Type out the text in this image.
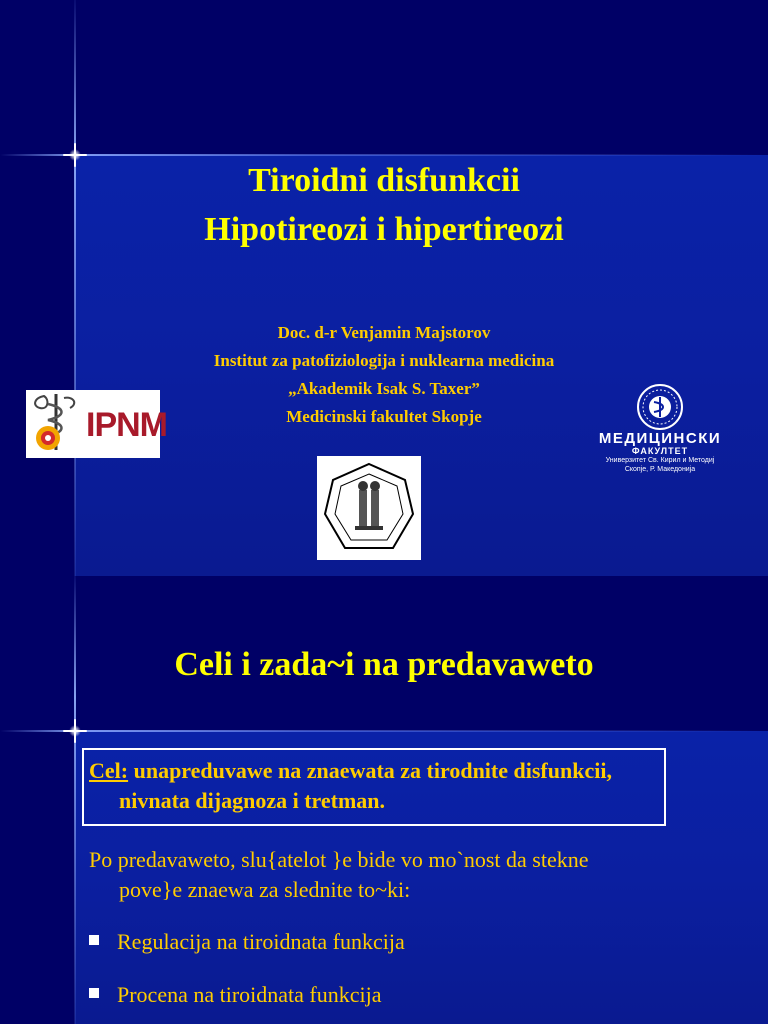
Tiroidni disfunkcii
Hipotireozi i hipertireozi
Doc. d-r Venjamin Majstorov
Institut za patofiziologija i nuklearna medicina
„Akademik Isak S. Taxer”
Medicinski fakultet Skopje
IPNM	МЕДИЦИНСКИ
ФАКУЛТЕТ
Универзитет Св. Кирил и Методиј
Скопје, Р. Македонија
Celi i zada~i na predavaweto
Cel: unapreduvawe na znaewata za tirodnite disfunkcii,
nivnata dijagnoza i tretman.
Po predavaweto, slu{atelot }e bide vo mo`nost da stekne
pove}e znaewa za slednite to~ki:
Regulacija na tiroidnata funkcija
Procena na tiroidnata funkcija
